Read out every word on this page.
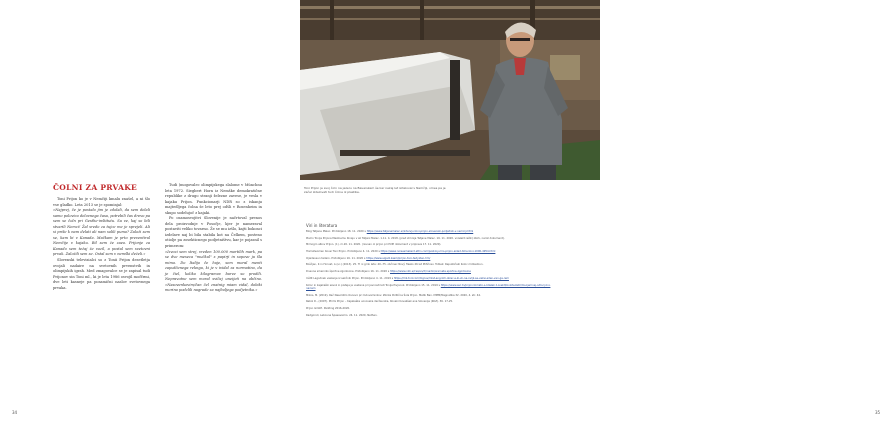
ČOLNI ZA PRVAKE

Toni Prijon ko je v Nemčiji kmalu znašel, a ni šlo vse gladko. Leta 2013 se je spominjal:

»Najprej, če je postalo jim je zdolali, da sem delali samo polovico delovnega časa, potrebili čas drevo pa sem se čoln pri Gesthe-inštitutu. Sa ve, kaj so bili stvarili Nemci! Žal sredo za tujce me je sprejeli. Ali si priše k nam delati ali nam solili pumo? Založi sem se, kam bi v Kanada. Mačkam je prto preventiral Nemčije v kajaku. Bil sem že zaeo. Prijonje za Kanado sem težaj že vozil, a postal sem svetovni prvak. Založili sem se. Ostal sem v nemški deželi.«

Slovenski televizialci so z Tonii Prijon desetletja ovojali nadaire na svetovnih prvenstvih in olimpijskih igrah. Med zmagovalce se je zapisal tudi Prijonov sin Toni ml., ki je leta 1986 osvojil močfrmi, dve leti kasneje pa posamični naslov svetovnega prvaka.

Tudi (mogovalec olimpijskega slalome v Münchnu leta 1972. Siegbert Horn iz Nemške demokratične republike z drugo stranji železne zavese, je vesla v kajaku Prijon. Funkcionarji NDR so z iskanju majtedljega čolna še leto prej odšli v Rosenheim in skupo sodelujoč z kajaki.

Po osamosvojitvi Slovenije je načrtoval prenos dela proizvodnje v Posočje, kjer je nameraval postaviti veliko tovarno. Že se mu izšlo, kajti bokonci izdelave naj bi bila stabila kot na Čelkem, posteno otiolje pa zosekticnego podjetništvu, kar je pojasnil s primerom:

»Izvozi sem strej, vreden 100.000 mortilih mark, pa se dve meseca "mučkal" s papirji in sopove ja šla mimo. Do Italijo če haje, sem moral menti zapuščenega reknga, ki je v ividal za normatino, da je čiel, koliko kilogramov barve so prodili. Nepravotne sem moral svičaj uneijeti na občino. »Nasovenkovim/čan čel znatnig miam vidal, dobiki morino podzlili nagrade za najboljega podjetnika.«

34
Toni Prijon je svoj čoln na jezeru na Bavarskem še kar nekaj let izdeloval v Nemčiji, vmes pa je začel izdelovati tudi čolne iz plastike.
Viri in literatura

Blog Tatjane Malec. Pridobljeno 18. 11. 2020 s https://www.tatjanamalec.si/intervju-toni-prijon-slovenski-podjetnik-v-nemciji.html

Pismo Tonija Prijona Mestnemu Kinaju v ali Tatjani Malec. 1.11. 4. 2018. (pred zimnija Tatjane Malec. 16. 11. 2020. vnislekt režik) zbirk, naroil dokument).

Mimogrn albov Prijon. (1). m.20. 11. 2020. (ravnan ol prijon pri PUPI dokument v priprave 17. 11. 2020).

Hometwomen Kousi Toni Prijon. Pridobljeno 4. 11. 2020 s https://www.noisesmakerd.ethn.com/post-by-mrs-prijon-aided-time-toni-1000-4954.html

Ojiadevsun tadero. Pridobljeno 16. 11. 2020 s https://www.sqjadi.kasm/prijon-toni-tedyiden-hm/

Boščjan, K in Horvat, A (ur.) (2013). 25. TI ni grnk leta: 40.-75. občinec Nový Hasko 26 let Mihřicev. Tolbek: Republičaki Koloc midisstovn.

Dnevna smerniko športne zgodovine. Pridobljeno 16. 11. 2020 s https://www.nkk.si/rss/en/d/rnadin/srernete.sportne-zgodovine

Inštit Lagodnek veslanje iz sekčnik Prijon. Pridobljeno 4. 11. 2019 s https://mk-tnd.com/mgl.sv/irkst-ang-toh-obisc.e-ki-vii-na-ovljk-se-vaksi-eden-ven-ga-rem

Koloc in kajakaški savoz in pisteja je uvetena pri javnosti leti Tonija Pivjonok. Pridobljeno 15. 11. 2019 s https://www.aul.tn/prijon-tomato-s-lidelek-t-oveldt/ovloteolstil/ms-ljemnej-odlocj-lini-naciem

Mikos, M. (2019). Reč Nesolotilo Osnovo pri Uvlovemnikov. Zbirka Politična Šola Prijon. Matik Ban. MMM/Magnatika 32. 2020, 4. str. 44.

Rebol D., (2007). Mrimi Prijon – Kajakaška uonovska deržavnika, Rovaki Kuvakšek ana Slovenije (KKZ). 36. 17-25.

Prijon GmbH. Padding 2016-2020.

Radgorod, Lebovna Špasavsimo. 24. 11. 2020, Nethan.

35
